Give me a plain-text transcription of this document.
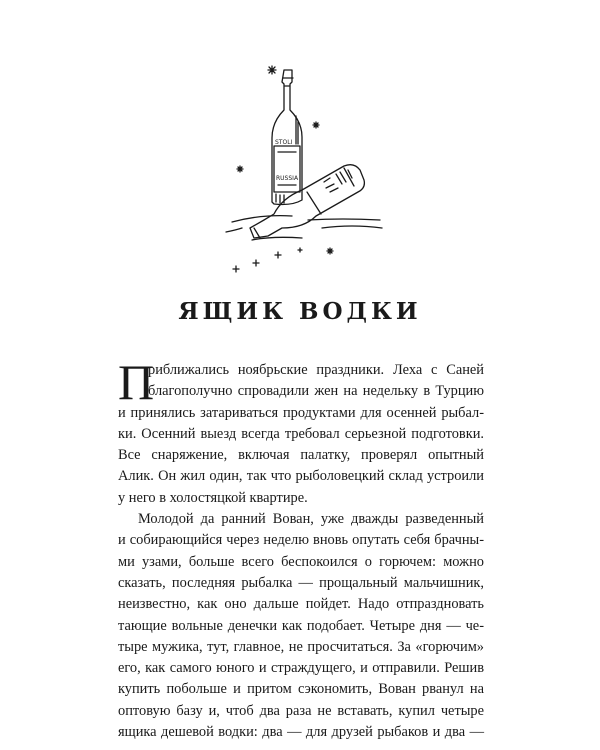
STOLI
RUSSIA
ЯЩИК ВОДКИ
П
риближались ноябрьские праздники. Леха с Саней
благополучно спровадили жен на недельку в Турцию
и принялись затариваться продуктами для осенней рыбал-
ки. Осенний выезд всегда требовал серьезной подготовки.
Все снаряжение, включая палатку, проверял опытный
Алик. Он жил один, так что рыболовецкий склад устроили
у него в холостяцкой квартире.
Молодой да ранний Вован, уже дважды разведенный
и собирающийся через неделю вновь опутать себя брачны-
ми узами, больше всего беспокоился о горючем: можно
сказать, последняя рыбалка — прощальный мальчишник,
неизвестно, как оно дальше пойдет. Надо отпраздновать
тающие вольные денечки как подобает. Четыре дня — че-
тыре мужика, тут, главное, не просчитаться. За «горючим»
его, как самого юного и страждущего, и отправили. Решив
купить побольше и притом сэкономить, Вован рванул на
оптовую базу и, чтоб два раза не вставать, купил четыре
ящика дешевой водки: два — для друзей рыбаков и два —
